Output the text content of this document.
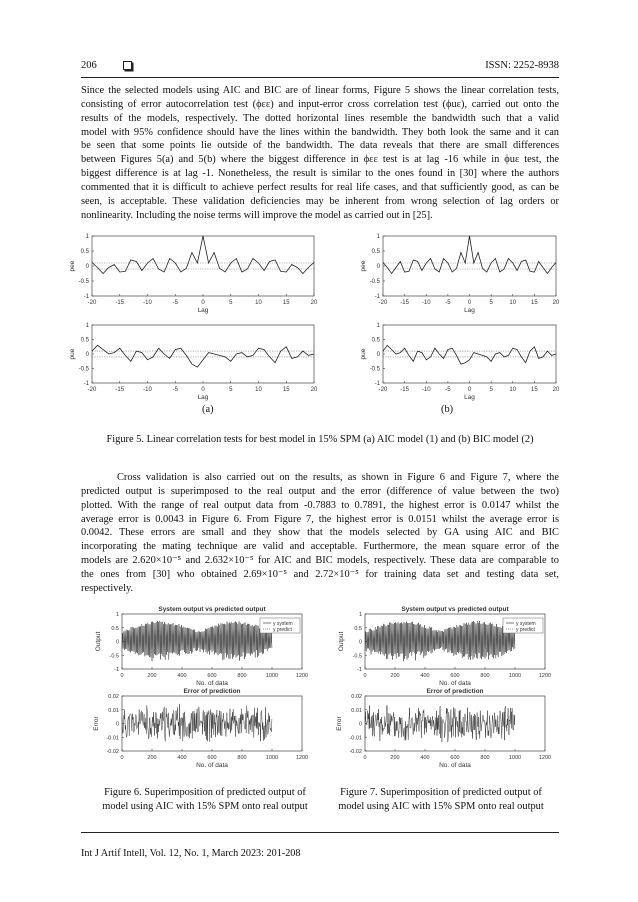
206	ISSN: 2252-8938
Since the selected models using AIC and BIC are of linear forms, Figure 5 shows the linear correlation tests,
consisting of error autocorrelation test (ϕεε) and input-error cross correlation test (ϕuε), carried out onto the
results of the models, respectively. The dotted horizontal lines resemble the bandwidth such that a valid
model with 95% confidence should have the lines within the bandwidth. They both look the same and it can
be seen that some points lie outside of the bandwidth. The data reveals that there are small differences
between Figures 5(a) and 5(b) where the biggest difference in ϕεε test is at lag -16 while in ϕuε test, the
biggest difference is at lag -1. Nonetheless, the result is similar to the ones found in [30] where the authors
commented that it is difficult to achieve perfect results for real life cases, and that sufficiently good, as can be
seen, is acceptable. These validation deficiencies may be inherent from wrong selection of lag orders or
nonlinearity. Including the noise terms will improve the model as carried out in [25].
-20	-15	-10	-5	0	5	10	15	20
-1
-0.5
0
0.5
1
Lag
pee
-20	-15	-10	-5	0	5	10	15	20
-1
-0.5
0
0.5
1
Lag
pue
-20 -15 -10 -5	0	5	10 15 20
-1
-0.5
0
0.5
1
Lag
pee
-20 -15 -10 -5	0	5	10 15 20
-1
-0.5
0
0.5
1
Lag
pue
0	200	400	600	800	1000	1200
-1
-0.5
0
0.5
1
No. of data
Output
System output vs predicted output
y system
y predict
0	200	400	600	800	1000	1200
-0.02
-0.01
0
0.01
0.02
No. of data
Error
Error of prediction
0	200	400	600	800	1000	1200
-1
-0.5
0
0.5
1
No. of data
Output
System output vs predicted output
y system
y predict
0	200	400	600	800	1000	1200
-0.02
-0.01
0
0.01
0.02
No. of data
Error
Error of prediction
(a)	(b)
Figure 5. Linear correlation tests for best model in 15% SPM (a) AIC model (1) and (b) BIC model (2)
Cross validation is also carried out on the results, as shown in Figure 6 and Figure 7, where the
predicted output is superimposed to the real output and the error (difference of value between the two)
plotted. With the range of real output data from -0.7883 to 0.7891, the highest error is 0.0147 whilst the
average error is 0.0043 in Figure 6. From Figure 7, the highest error is 0.0151 whilst the average error is
0.0042. These errors are small and they show that the models selected by GA using AIC and BIC
incorporating the mating technique are valid and acceptable. Furthermore, the mean square error of the
models are 2.620×10⁻⁵ and 2.632×10⁻⁵ for AIC and BIC models, respectively. These data are comparable to
the ones from [30] who obtained 2.69×10⁻⁵ and 2.72×10⁻⁵ for training data set and testing data set,
respectively.
Figure 6. Superimposition of predicted output of
model using AIC with 15% SPM onto real output
Figure 7. Superimposition of predicted output of
model using AIC with 15% SPM onto real output
Int J Artif Intell, Vol. 12, No. 1, March 2023: 201-208
